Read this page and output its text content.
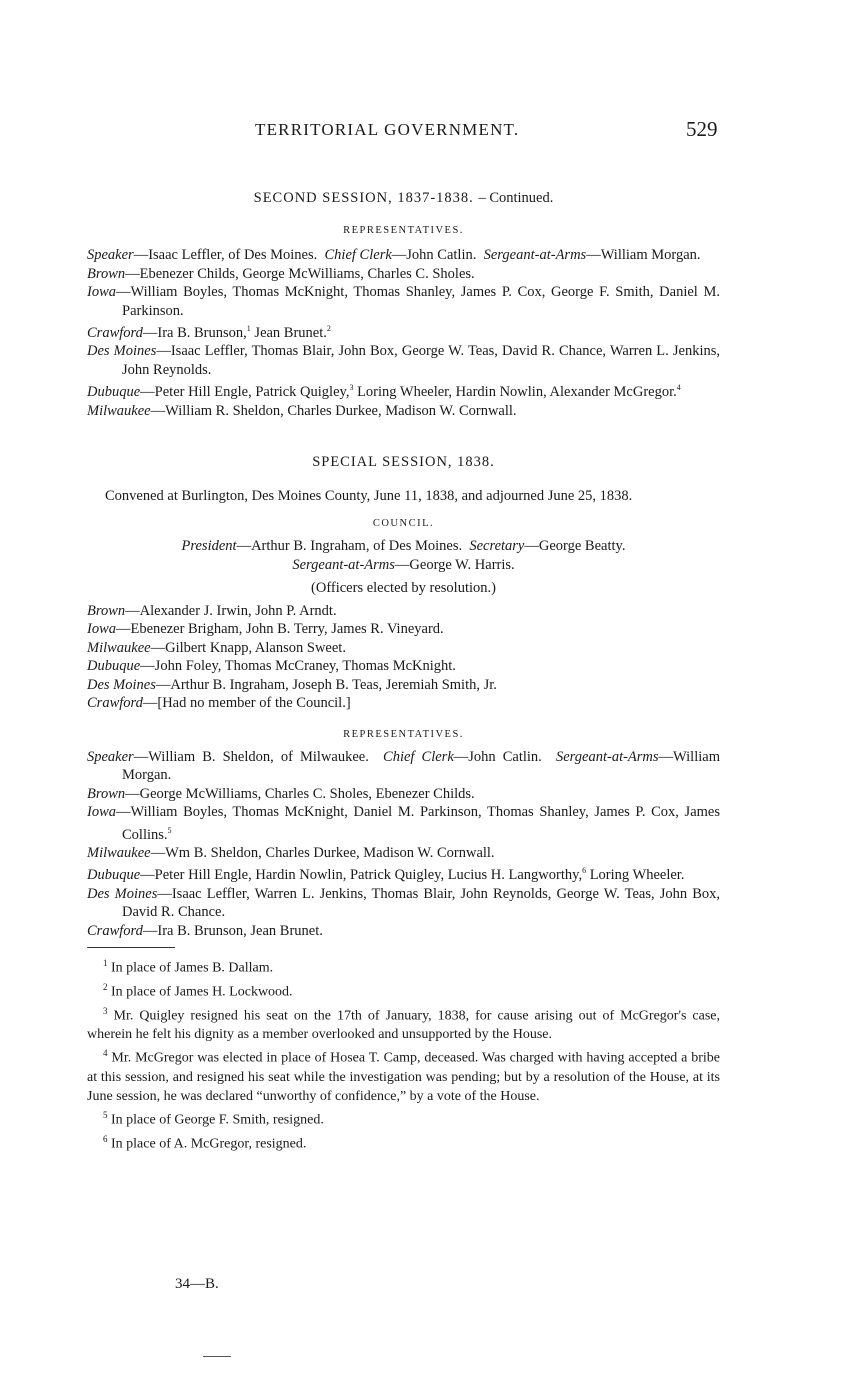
TERRITORIAL GOVERNMENT.	529

SECOND SESSION, 1837-1838. – Continued.

REPRESENTATIVES.

Speaker—Isaac Leffler, of Des Moines. Chief Clerk—John Catlin. Sergeant-at-Arms—William Morgan.

Brown—Ebenezer Childs, George McWilliams, Charles C. Sholes.

Iowa—William Boyles, Thomas McKnight, Thomas Shanley, James P. Cox, George F. Smith, Daniel M. Parkinson.

Crawford—Ira B. Brunson,$^1$ Jean Brunet.$^2$

Des Moines—Isaac Leffler, Thomas Blair, John Box, George W. Teas, David R. Chance, Warren L. Jenkins, John Reynolds.

Dubuque—Peter Hill Engle, Patrick Quigley,$^3$ Loring Wheeler, Hardin Nowlin, Alexander McGregor.$^4$

Milwaukee—William R. Sheldon, Charles Durkee, Madison W. Cornwall.

SPECIAL SESSION, 1838.

Convened at Burlington, Des Moines County, June 11, 1838, and adjourned June 25, 1838.

COUNCIL.

President—Arthur B. Ingraham, of Des Moines. Secretary—George Beatty.
Sergeant-at-Arms—George W. Harris.

(Officers elected by resolution.)

Brown—Alexander J. Irwin, John P. Arndt.

Iowa—Ebenezer Brigham, John B. Terry, James R. Vineyard.

Milwaukee—Gilbert Knapp, Alanson Sweet.

Dubuque—John Foley, Thomas McCraney, Thomas McKnight.

Des Moines—Arthur B. Ingraham, Joseph B. Teas, Jeremiah Smith, Jr.

Crawford—[Had no member of the Council.]

REPRESENTATIVES.

Speaker—William B. Sheldon, of Milwaukee. Chief Clerk—John Catlin. Sergeant-at-Arms—William Morgan.

Brown—George McWilliams, Charles C. Sholes, Ebenezer Childs.

Iowa—William Boyles, Thomas McKnight, Daniel M. Parkinson, Thomas Shanley, James P. Cox, James Collins.$^5$

Milwaukee—Wm B. Sheldon, Charles Durkee, Madison W. Cornwall.

Dubuque—Peter Hill Engle, Hardin Nowlin, Patrick Quigley, Lucius H. Langworthy,$^6$ Loring Wheeler.

Des Moines—Isaac Leffler, Warren L. Jenkins, Thomas Blair, John Reynolds, George W. Teas, John Box, David R. Chance.

Crawford—Ira B. Brunson, Jean Brunet.

$^1$ In place of James B. Dallam.

$^2$ In place of James H. Lockwood.

$^3$ Mr. Quigley resigned his seat on the 17th of January, 1838, for cause arising out of McGregor's case, wherein he felt his dignity as a member overlooked and unsupported by the House.

$^4$ Mr. McGregor was elected in place of Hosea T. Camp, deceased. Was charged with having accepted a bribe at this session, and resigned his seat while the investigation was pending; but by a resolution of the House, at its June session, he was declared “unworthy of confidence,” by a vote of the House.

$^5$ In place of George F. Smith, resigned.

$^6$ In place of A. McGregor, resigned.

34—B.
